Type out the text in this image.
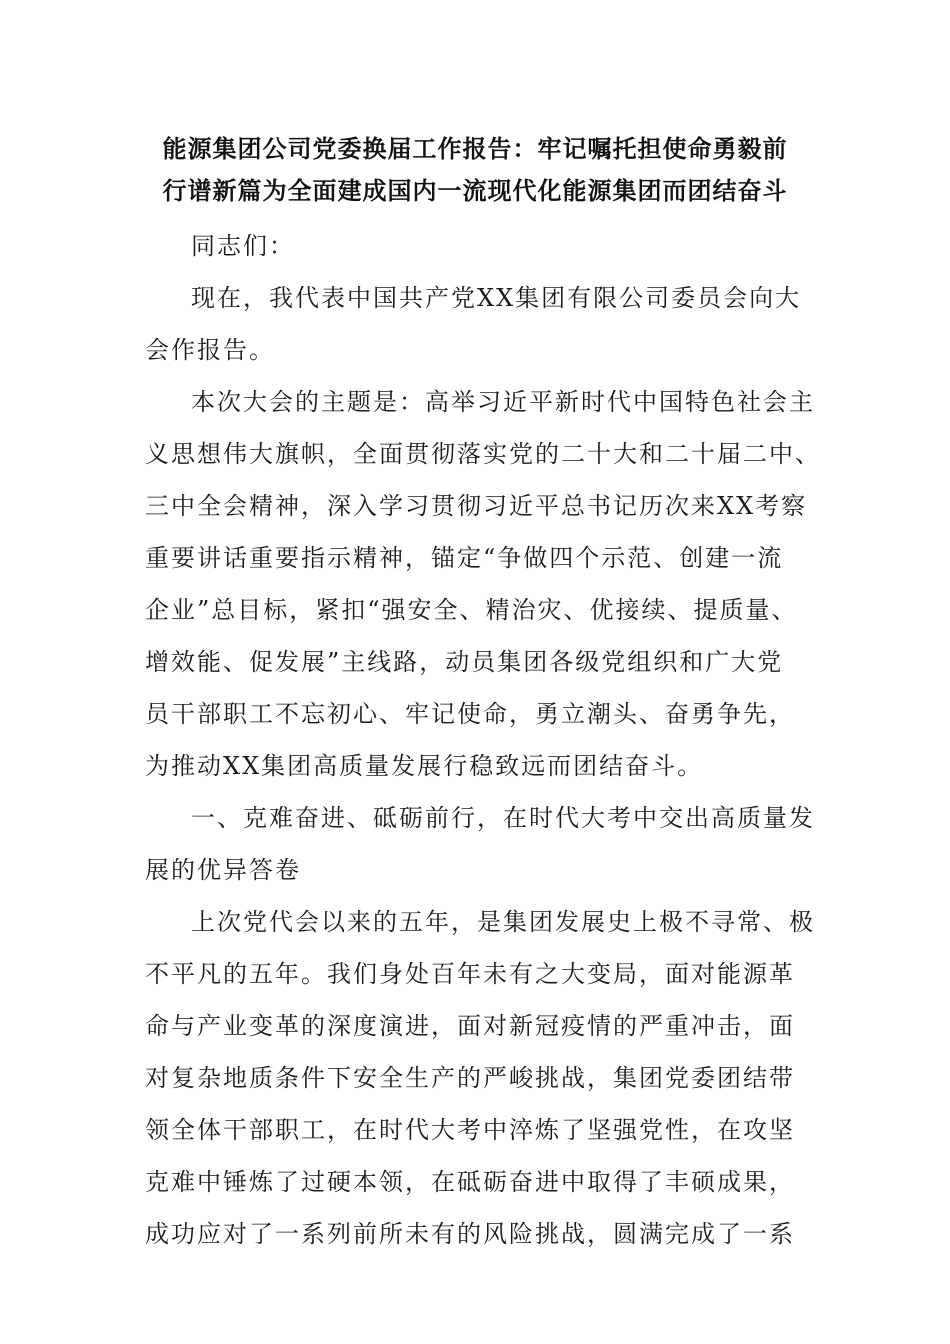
能源集团公司党委换届工作报告：牢记嘱托担使命勇毅前
行谱新篇为全面建成国内一流现代化能源集团而团结奋斗

同志们：

现在，我代表中国共产党XX集团有限公司委员会向大
会作报告。

本次大会的主题是：高举习近平新时代中国特色社会主
义思想伟大旗帜，全面贯彻落实党的二十大和二十届二中、
三中全会精神，深入学习贯彻习近平总书记历次来XX考察
重要讲话重要指示精神，锚定“争做四个示范、创建一流
企业”总目标，紧扣“强安全、精治灾、优接续、提质量、
增效能、促发展”主线路，动员集团各级党组织和广大党
员干部职工不忘初心、牢记使命，勇立潮头、奋勇争先，
为推动XX集团高质量发展行稳致远而团结奋斗。

一、克难奋进、砥砺前行，在时代大考中交出高质量发
展的优异答卷

上次党代会以来的五年，是集团发展史上极不寻常、极
不平凡的五年。我们身处百年未有之大变局，面对能源革
命与产业变革的深度演进，面对新冠疫情的严重冲击，面
对复杂地质条件下安全生产的严峻挑战，集团党委团结带
领全体干部职工，在时代大考中淬炼了坚强党性，在攻坚
克难中锤炼了过硬本领，在砥砺奋进中取得了丰硕成果，
成功应对了一系列前所未有的风险挑战，圆满完成了一系
